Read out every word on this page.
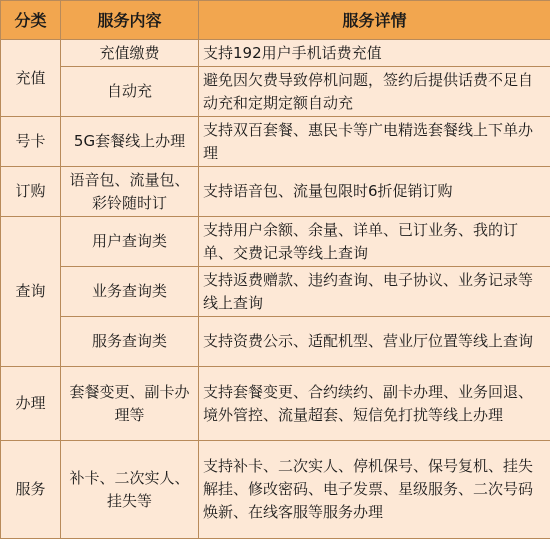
分类	服务内容	服务详情
充值	充值缴费	支持192用户手机话费充值
	自动充	避免因欠费导致停机问题，签约后提供话费不足自动充和定期定额自动充
号卡	5G套餐线上办理	支持双百套餐、惠民卡等广电精选套餐线上下单办理
订购	语音包、流量包、彩铃随时订	支持语音包、流量包限时6折促销订购
查询	用户查询类	支持用户余额、余量、详单、已订业务、我的订单、交费记录等线上查询
	业务查询类	支持返费赠款、违约查询、电子协议、业务记录等线上查询
	服务查询类	支持资费公示、适配机型、营业厅位置等线上查询
办理	套餐变更、副卡办理等	支持套餐变更、合约续约、副卡办理、业务回退、境外管控、流量超套、短信免打扰等线上办理
服务	补卡、二次实人、挂失等	支持补卡、二次实人、停机保号、保号复机、挂失解挂、修改密码、电子发票、星级服务、二次号码焕新、在线客服等服务办理
